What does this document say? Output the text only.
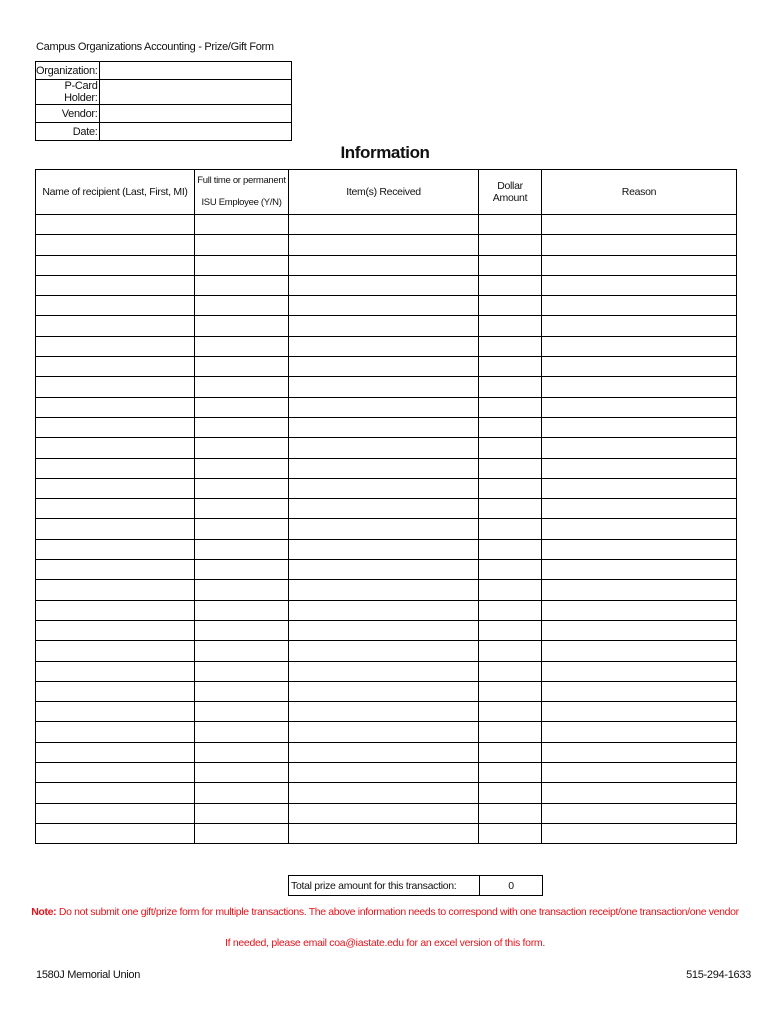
Campus Organizations Accounting - Prize/Gift Form
Organization:	
P-Card Holder:	
Vendor:	
Date:	
Information
Name of recipient (Last, First, MI)	Full time or permanent ISU Employee (Y/N)	Item(s) Received	Dollar Amount	Reason

Total prize amount for this transaction:	0
Note: Do not submit one gift/prize form for multiple transactions. The above information needs to correspond with one transaction receipt/one transaction/one vendor
If needed, please email coa@iastate.edu for an excel version of this form.
1580J Memorial Union	515-294-1633
